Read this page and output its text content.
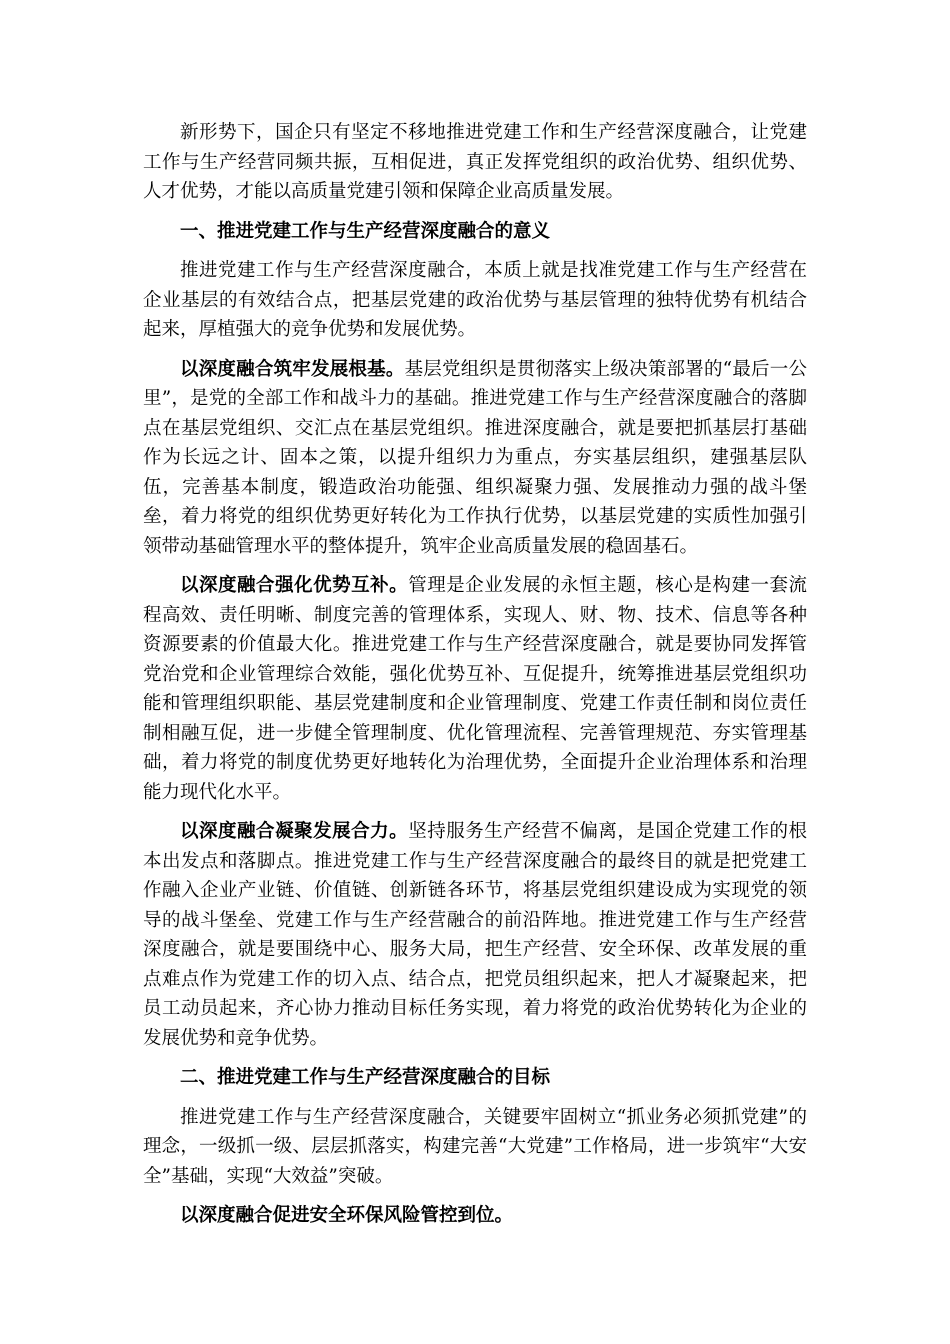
新形势下，国企只有坚定不移地推进党建工作和生产经营深度融合，让党建工作与生产经营同频共振，互相促进，真正发挥党组织的政治优势、组织优势、人才优势，才能以高质量党建引领和保障企业高质量发展。

一、推进党建工作与生产经营深度融合的意义

推进党建工作与生产经营深度融合，本质上就是找准党建工作与生产经营在企业基层的有效结合点，把基层党建的政治优势与基层管理的独特优势有机结合起来，厚植强大的竞争优势和发展优势。

以深度融合筑牢发展根基。基层党组织是贯彻落实上级决策部署的“最后一公里”，是党的全部工作和战斗力的基础。推进党建工作与生产经营深度融合的落脚点在基层党组织、交汇点在基层党组织。推进深度融合，就是要把抓基层打基础作为长远之计、固本之策，以提升组织力为重点，夯实基层组织，建强基层队伍，完善基本制度，锻造政治功能强、组织凝聚力强、发展推动力强的战斗堡垒，着力将党的组织优势更好转化为工作执行优势，以基层党建的实质性加强引领带动基础管理水平的整体提升，筑牢企业高质量发展的稳固基石。

以深度融合强化优势互补。管理是企业发展的永恒主题，核心是构建一套流程高效、责任明晰、制度完善的管理体系，实现人、财、物、技术、信息等各种资源要素的价值最大化。推进党建工作与生产经营深度融合，就是要协同发挥管党治党和企业管理综合效能，强化优势互补、互促提升，统筹推进基层党组织功能和管理组织职能、基层党建制度和企业管理制度、党建工作责任制和岗位责任制相融互促，进一步健全管理制度、优化管理流程、完善管理规范、夯实管理基础，着力将党的制度优势更好地转化为治理优势，全面提升企业治理体系和治理能力现代化水平。

以深度融合凝聚发展合力。坚持服务生产经营不偏离，是国企党建工作的根本出发点和落脚点。推进党建工作与生产经营深度融合的最终目的就是把党建工作融入企业产业链、价值链、创新链各环节，将基层党组织建设成为实现党的领导的战斗堡垒、党建工作与生产经营融合的前沿阵地。推进党建工作与生产经营深度融合，就是要围绕中心、服务大局，把生产经营、安全环保、改革发展的重点难点作为党建工作的切入点、结合点，把党员组织起来，把人才凝聚起来，把员工动员起来，齐心协力推动目标任务实现，着力将党的政治优势转化为企业的发展优势和竞争优势。

二、推进党建工作与生产经营深度融合的目标

推进党建工作与生产经营深度融合，关键要牢固树立“抓业务必须抓党建”的理念，一级抓一级、层层抓落实，构建完善“大党建”工作格局，进一步筑牢“大安全”基础，实现“大效益”突破。

以深度融合促进安全环保风险管控到位。
